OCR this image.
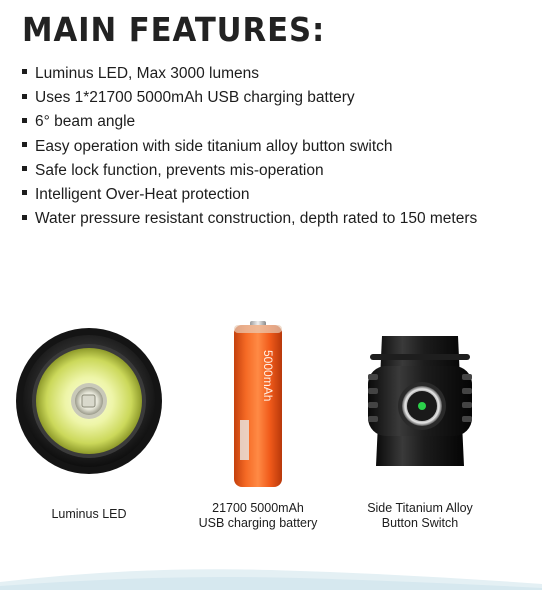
MAIN FEATURES:
Luminus LED, Max 3000 lumens
Uses 1*21700 5000mAh USB charging battery
6° beam angle
Easy operation with side titanium alloy button switch
Safe lock function, prevents mis-operation
Intelligent Over-Heat protection
Water pressure resistant construction, depth rated to 150 meters
Luminus LED
5000mAh
21700 5000mAh
USB charging battery
Side Titanium Alloy
Button Switch
